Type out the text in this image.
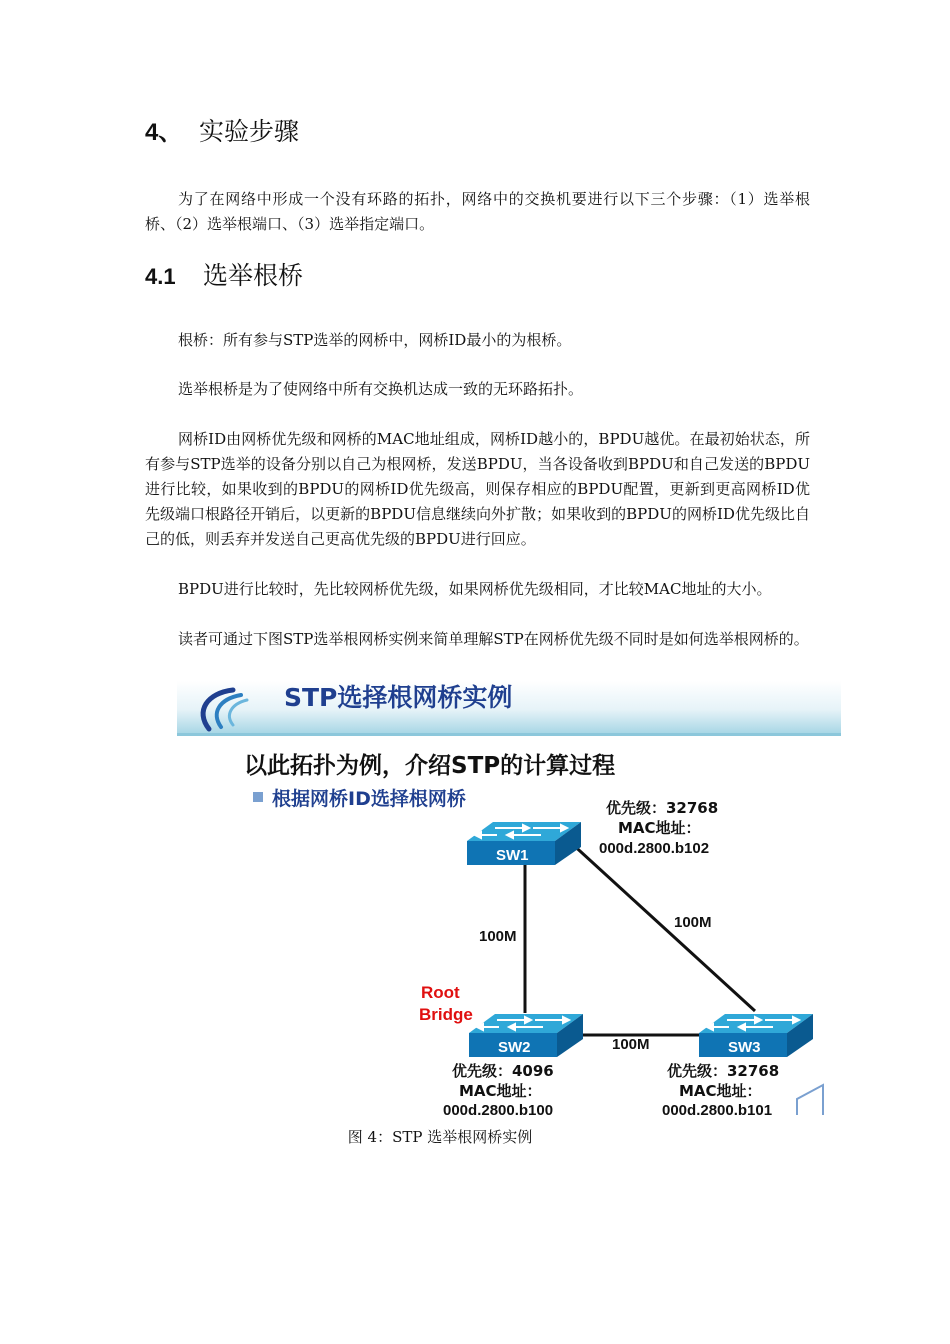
4、 实验步骤

为了在网络中形成一个没有环路的拓扑，网络中的交换机要进行以下三个步骤：（1）选举根桥、（2）选举根端口、（3）选举指定端口。

4.1	选举根桥

根桥：所有参与STP选举的网桥中，网桥ID最小的为根桥。

选举根桥是为了使网络中所有交换机达成一致的无环路拓扑。

网桥ID由网桥优先级和网桥的MAC地址组成，网桥ID越小的，BPDU越优。在最初始状态，所有参与STP选举的设备分别以自己为根网桥，发送BPDU，当各设备收到BPDU和自己发送的BPDU进行比较，如果收到的BPDU的网桥ID优先级高，则保存相应的BPDU配置，更新到更高网桥ID优先级端口根路径开销后，以更新的BPDU信息继续向外扩散；如果收到的BPDU的网桥ID优先级比自己的低，则丢弃并发送自己更高优先级的BPDU进行回应。

BPDU进行比较时，先比较网桥优先级，如果网桥优先级相同，才比较MAC地址的大小。

读者可通过下图STP选举根网桥实例来简单理解STP在网桥优先级不同时是如何选举根网桥的。

STP选择根网桥实例
以此拓扑为例，介绍STP的计算过程
根据网桥ID选择根网桥
100M
100M
100M
SW1
优先级：32768
MAC地址：
000d.2800.b102
SW2
Root
Bridge
优先级：4096
MAC地址：
000d.2800.b100
SW3
优先级：32768
MAC地址：
000d.2800.b101
图 4：STP 选举根网桥实例
